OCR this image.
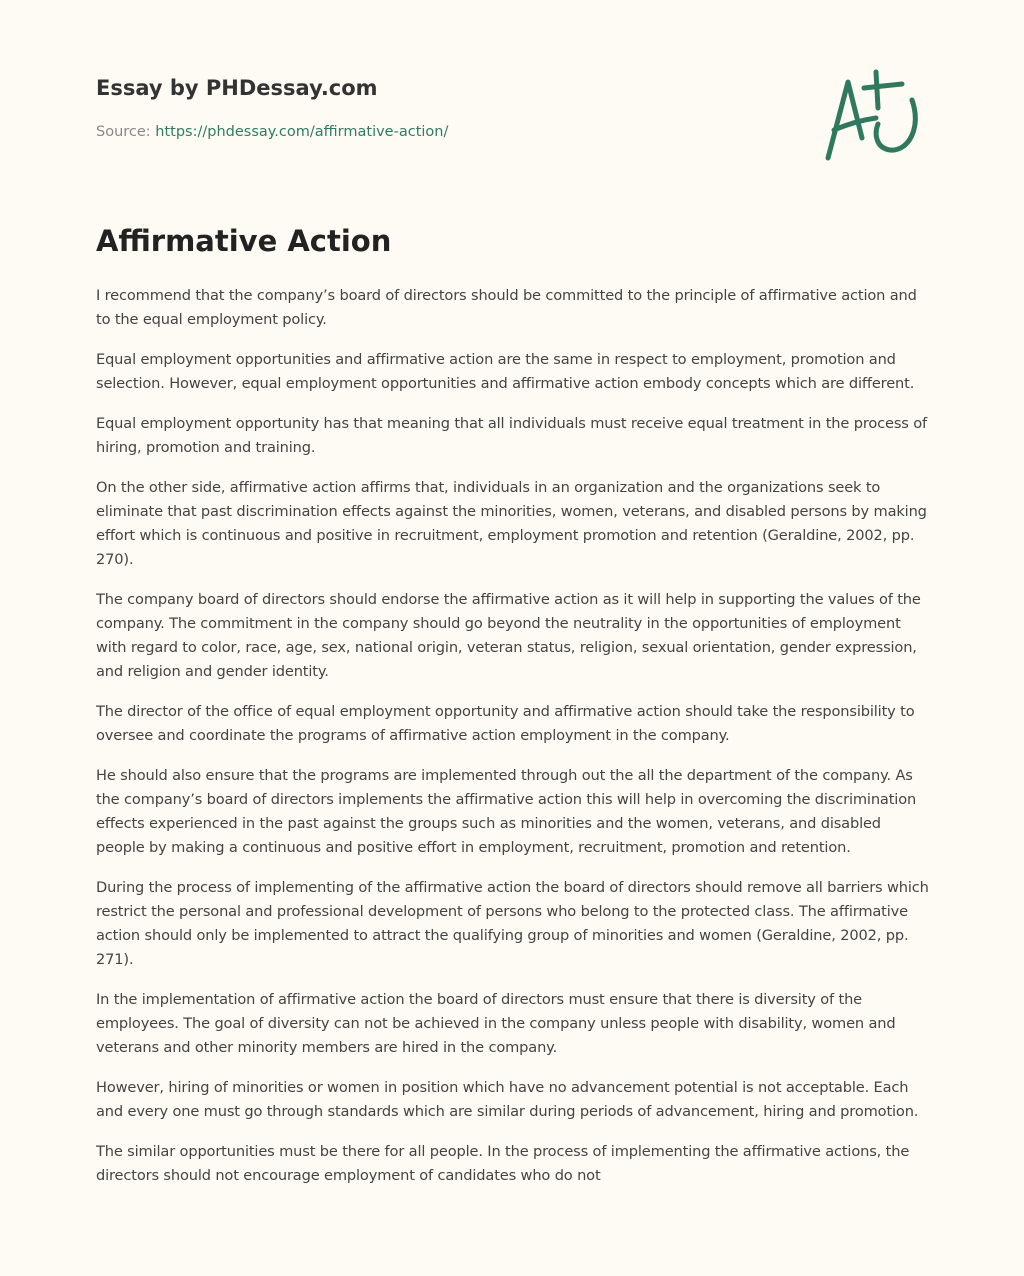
Essay by PHDessay.com

Source: https://phdessay.com/affirmative-action/
Affirmative Action

I recommend that the company’s board of directors should be committed to the principle of affirmative action and to the equal employment policy.

Equal employment opportunities and affirmative action are the same in respect to employment, promotion and selection. However, equal employment opportunities and affirmative action embody concepts which are different.

Equal employment opportunity has that meaning that all individuals must receive equal treatment in the process of hiring, promotion and training.

On the other side, affirmative action affirms that, individuals in an organization and the organizations seek to eliminate that past discrimination effects against the minorities, women, veterans, and disabled persons by making effort which is continuous and positive in recruitment, employment promotion and retention (Geraldine, 2002, pp. 270).

The company board of directors should endorse the affirmative action as it will help in supporting the values of the company. The commitment in the company should go beyond the neutrality in the opportunities of employment with regard to color, race, age, sex, national origin, veteran status, religion, sexual orientation, gender expression, and religion and gender identity.

The director of the office of equal employment opportunity and affirmative action should take the responsibility to oversee and coordinate the programs of affirmative action employment in the company.

He should also ensure that the programs are implemented through out the all the department of the company. As the company’s board of directors implements the affirmative action this will help in overcoming the discrimination effects experienced in the past against the groups such as minorities and the women, veterans, and disabled people by making a continuous and positive effort in employment, recruitment, promotion and retention.

During the process of implementing of the affirmative action the board of directors should remove all barriers which restrict the personal and professional development of persons who belong to the protected class. The affirmative action should only be implemented to attract the qualifying group of minorities and women (Geraldine, 2002, pp. 271).

In the implementation of affirmative action the board of directors must ensure that there is diversity of the employees. The goal of diversity can not be achieved in the company unless people with disability, women and veterans and other minority members are hired in the company.

However, hiring of minorities or women in position which have no advancement potential is not acceptable. Each and every one must go through standards which are similar during periods of advancement, hiring and promotion.

The similar opportunities must be there for all people. In the process of implementing the affirmative actions, the directors should not encourage employment of candidates who do not
